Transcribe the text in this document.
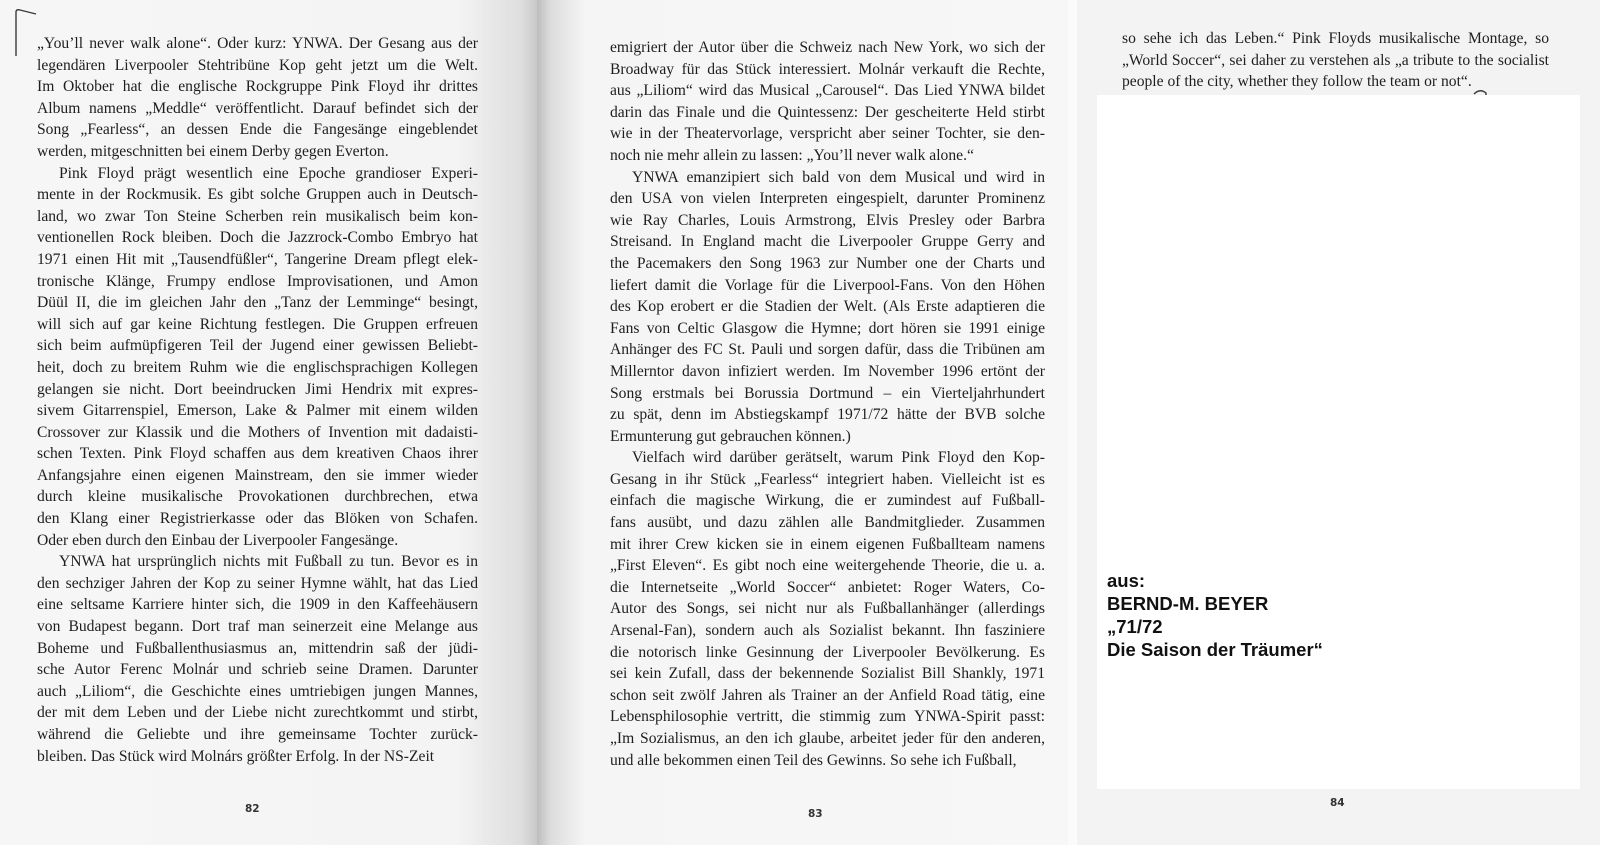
„You’ll never walk alone“. Oder kurz: YNWA. Der Gesang aus der
legendären Liverpooler Stehtribüne Kop geht jetzt um die Welt.
Im Oktober hat die englische Rockgruppe Pink Floyd ihr drittes
Album namens „Meddle“ veröffentlicht. Darauf befindet sich der
Song „Fearless“, an dessen Ende die Fangesänge eingeblendet
werden, mitgeschnitten bei einem Derby gegen Everton.
Pink Floyd prägt wesentlich eine Epoche grandioser Experi-
mente in der Rockmusik. Es gibt solche Gruppen auch in Deutsch-
land, wo zwar Ton Steine Scherben rein musikalisch beim kon-
ventionellen Rock bleiben. Doch die Jazzrock-Combo Embryo hat
1971 einen Hit mit „Tausendfüßler“, Tangerine Dream pflegt elek-
tronische Klänge, Frumpy endlose Improvisationen, und Amon
Düül II, die im gleichen Jahr den „Tanz der Lemminge“ besingt,
will sich auf gar keine Richtung festlegen. Die Gruppen erfreuen
sich beim aufmüpfigeren Teil der Jugend einer gewissen Beliebt-
heit, doch zu breitem Ruhm wie die englischsprachigen Kollegen
gelangen sie nicht. Dort beeindrucken Jimi Hendrix mit expres-
sivem Gitarrenspiel, Emerson, Lake & Palmer mit einem wilden
Crossover zur Klassik und die Mothers of Invention mit dadaisti-
schen Texten. Pink Floyd schaffen aus dem kreativen Chaos ihrer
Anfangsjahre einen eigenen Mainstream, den sie immer wieder
durch kleine musikalische Provokationen durchbrechen, etwa
den Klang einer Registrierkasse oder das Blöken von Schafen.
Oder eben durch den Einbau der Liverpooler Fangesänge.
YNWA hat ursprünglich nichts mit Fußball zu tun. Bevor es in
den sechziger Jahren der Kop zu seiner Hymne wählt, hat das Lied
eine seltsame Karriere hinter sich, die 1909 in den Kaffeehäusern
von Budapest begann. Dort traf man seinerzeit eine Melange aus
Boheme und Fußballenthusiasmus an, mittendrin saß der jüdi-
sche Autor Ferenc Molnár und schrieb seine Dramen. Darunter
auch „Liliom“, die Geschichte eines umtriebigen jungen Mannes,
der mit dem Leben und der Liebe nicht zurechtkommt und stirbt,
während die Geliebte und ihre gemeinsame Tochter zurück-
bleiben. Das Stück wird Molnárs größter Erfolg. In der NS-Zeit
82
emigriert der Autor über die Schweiz nach New York, wo sich der
Broadway für das Stück interessiert. Molnár verkauft die Rechte,
aus „Liliom“ wird das Musical „Carousel“. Das Lied YNWA bildet
darin das Finale und die Quintessenz: Der gescheiterte Held stirbt
wie in der Theatervorlage, verspricht aber seiner Tochter, sie den-
noch nie mehr allein zu lassen: „You’ll never walk alone.“
YNWA emanzipiert sich bald von dem Musical und wird in
den USA von vielen Interpreten eingespielt, darunter Prominenz
wie Ray Charles, Louis Armstrong, Elvis Presley oder Barbra
Streisand. In England macht die Liverpooler Gruppe Gerry and
the Pacemakers den Song 1963 zur Number one der Charts und
liefert damit die Vorlage für die Liverpool-Fans. Von den Höhen
des Kop erobert er die Stadien der Welt. (Als Erste adaptieren die
Fans von Celtic Glasgow die Hymne; dort hören sie 1991 einige
Anhänger des FC St. Pauli und sorgen dafür, dass die Tribünen am
Millerntor davon infiziert werden. Im November 1996 ertönt der
Song erstmals bei Borussia Dortmund – ein Vierteljahrhundert
zu spät, denn im Abstiegskampf 1971/72 hätte der BVB solche
Ermunterung gut gebrauchen können.)
Vielfach wird darüber gerätselt, warum Pink Floyd den Kop-
Gesang in ihr Stück „Fearless“ integriert haben. Vielleicht ist es
einfach die magische Wirkung, die er zumindest auf Fußball-
fans ausübt, und dazu zählen alle Bandmitglieder. Zusammen
mit ihrer Crew kicken sie in einem eigenen Fußballteam namens
„First Eleven“. Es gibt noch eine weitergehende Theorie, die u. a.
die Internetseite „World Soccer“ anbietet: Roger Waters, Co-
Autor des Songs, sei nicht nur als Fußballanhänger (allerdings
Arsenal-Fan), sondern auch als Sozialist bekannt. Ihn fasziniere
die notorisch linke Gesinnung der Liverpooler Bevölkerung. Es
sei kein Zufall, dass der bekennende Sozialist Bill Shankly, 1971
schon seit zwölf Jahren als Trainer an der Anfield Road tätig, eine
Lebensphilosophie vertritt, die stimmig zum YNWA-Spirit passt:
„Im Sozialismus, an den ich glaube, arbeitet jeder für den anderen,
und alle bekommen einen Teil des Gewinns. So sehe ich Fußball,
83
so sehe ich das Leben.“ Pink Floyds musikalische Montage, so
„World Soccer“, sei daher zu verstehen als „a tribute to the socialist
people of the city, whether they follow the team or not“.
aus:
BERND-M. BEYER
„71/72
Die Saison der Träumer“
84
